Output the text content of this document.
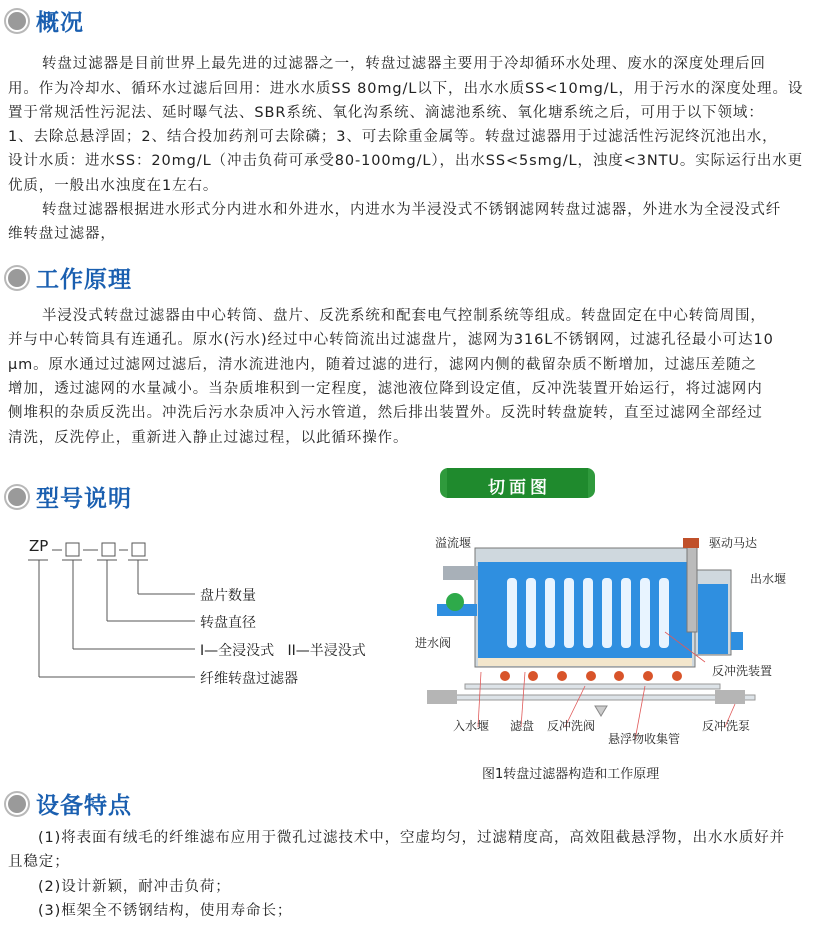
概况
转盘过滤器是目前世界上最先进的过滤器之一，转盘过滤器主要用于冷却循环水处理、废水的深度处理后回
用。作为冷却水、循环水过滤后回用：进水水质SS 80mg/L以下，出水水质SS<10mg/L，用于污水的深度处理。设
置于常规活性污泥法、延时曝气法、SBR系统、氧化沟系统、滴滤池系统、氧化塘系统之后，可用于以下领域：
1、去除总悬浮固；2、结合投加药剂可去除磷；3、可去除重金属等。转盘过滤器用于过滤活性污泥终沉池出水，
设计水质：进水SS：20mg/L（冲击负荷可承受80-100mg/L），出水SS<5smg/L，浊度<3NTU。实际运行出水更
优质，一般出水浊度在1左右。
转盘过滤器根据进水形式分内进水和外进水，内进水为半浸没式不锈钢滤网转盘过滤器，外进水为全浸没式纤
维转盘过滤器，
工作原理
半浸没式转盘过滤器由中心转筒、盘片、反洗系统和配套电气控制系统等组成。转盘固定在中心转筒周围，
并与中心转筒具有连通孔。原水(污水)经过中心转筒流出过滤盘片，滤网为316L不锈钢网，过滤孔径最小可达10
μm。原水通过过滤网过滤后，清水流进池内，随着过滤的进行，滤网内侧的截留杂质不断增加，过滤压差随之
增加，透过滤网的水量减小。当杂质堆积到一定程度，滤池液位降到设定值，反冲洗装置开始运行，将过滤网内
侧堆积的杂质反洗出。冲洗后污水杂质冲入污水管道，然后排出装置外。反洗时转盘旋转，直至过滤网全部经过
清洗，反洗停止，重新进入静止过滤过程，以此循环操作。
型号说明
ZP
盘片数量
转盘直径
I—全浸没式   II—半浸没式
纤维转盘过滤器
切面图
溢流堰	驱动马达
出水堰
进水阀
反冲洗装置
入水堰 滤盘 反冲洗阀
悬浮物收集管
反冲洗泵
图1转盘过滤器构造和工作原理
设备特点
(1)将表面有绒毛的纤维滤布应用于微孔过滤技术中，空虚均匀，过滤精度高，高效阻截悬浮物，出水水质好并
且稳定；
(2)设计新颖，耐冲击负荷；
(3)框架全不锈钢结构，使用寿命长；
